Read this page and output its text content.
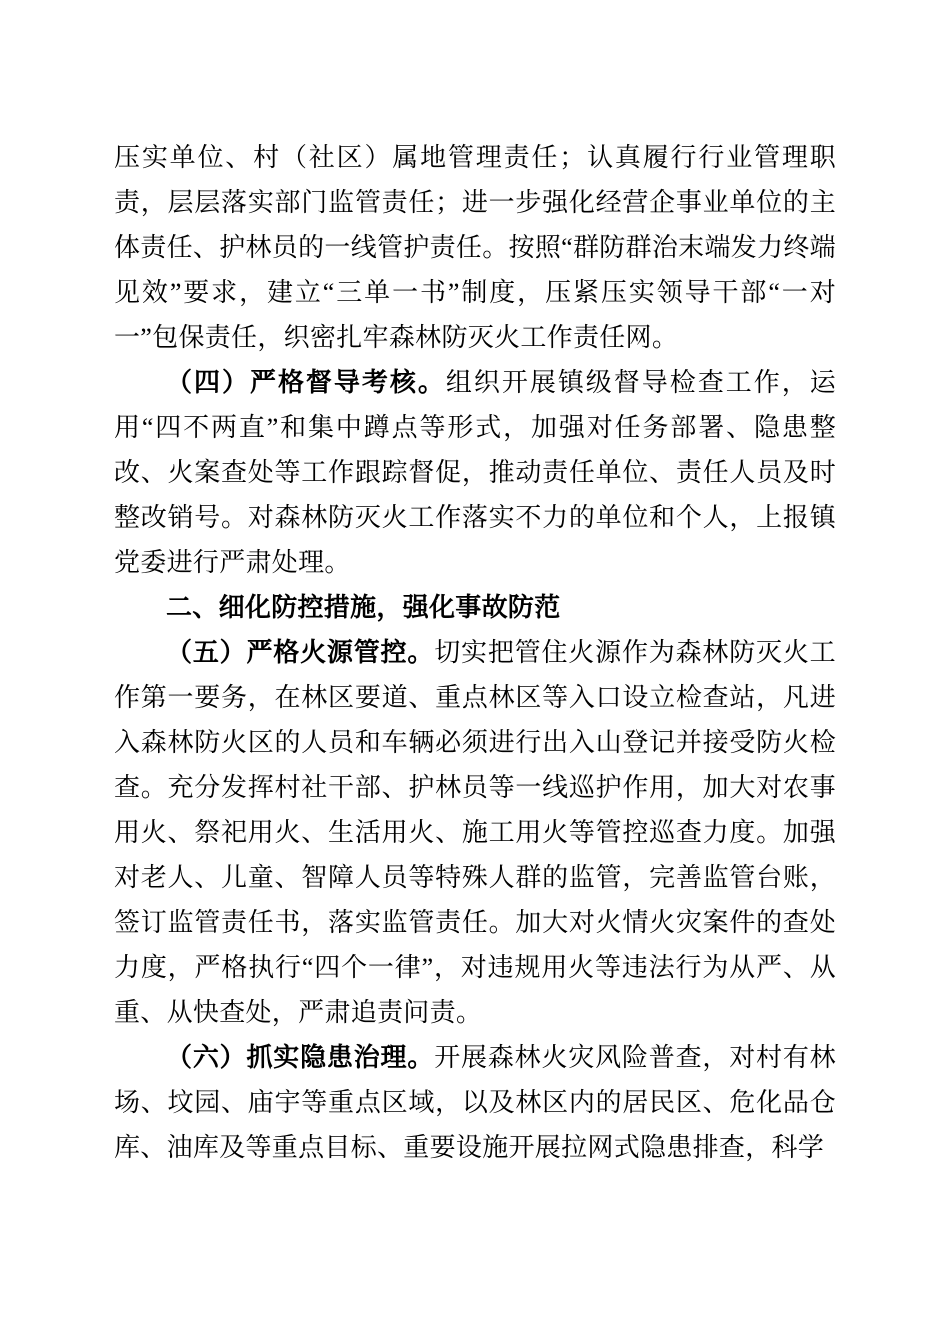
压实单位、村（社区）属地管理责任；认真履行行业管理职责，层层落实部门监管责任；进一步强化经营企事业单位的主体责任、护林员的一线管护责任。按照“群防群治末端发力终端见效”要求，建立“三单一书”制度，压紧压实领导干部“一对一”包保责任，织密扎牢森林防灭火工作责任网。

（四）严格督导考核。组织开展镇级督导检查工作，运用“四不两直”和集中蹲点等形式，加强对任务部署、隐患整改、火案查处等工作跟踪督促，推动责任单位、责任人员及时整改销号。对森林防灭火工作落实不力的单位和个人，上报镇党委进行严肃处理。

二、细化防控措施，强化事故防范

（五）严格火源管控。切实把管住火源作为森林防灭火工作第一要务，在林区要道、重点林区等入口设立检查站，凡进入森林防火区的人员和车辆必须进行出入山登记并接受防火检查。充分发挥村社干部、护林员等一线巡护作用，加大对农事用火、祭祀用火、生活用火、施工用火等管控巡查力度。加强对老人、儿童、智障人员等特殊人群的监管，完善监管台账，签订监管责任书，落实监管责任。加大对火情火灾案件的查处力度，严格执行“四个一律”，对违规用火等违法行为从严、从重、从快查处，严肃追责问责。

（六）抓实隐患治理。开展森林火灾风险普查，对村有林场、坟园、庙宇等重点区域，以及林区内的居民区、危化品仓库、油库及等重点目标、重要设施开展拉网式隐患排查，科学
